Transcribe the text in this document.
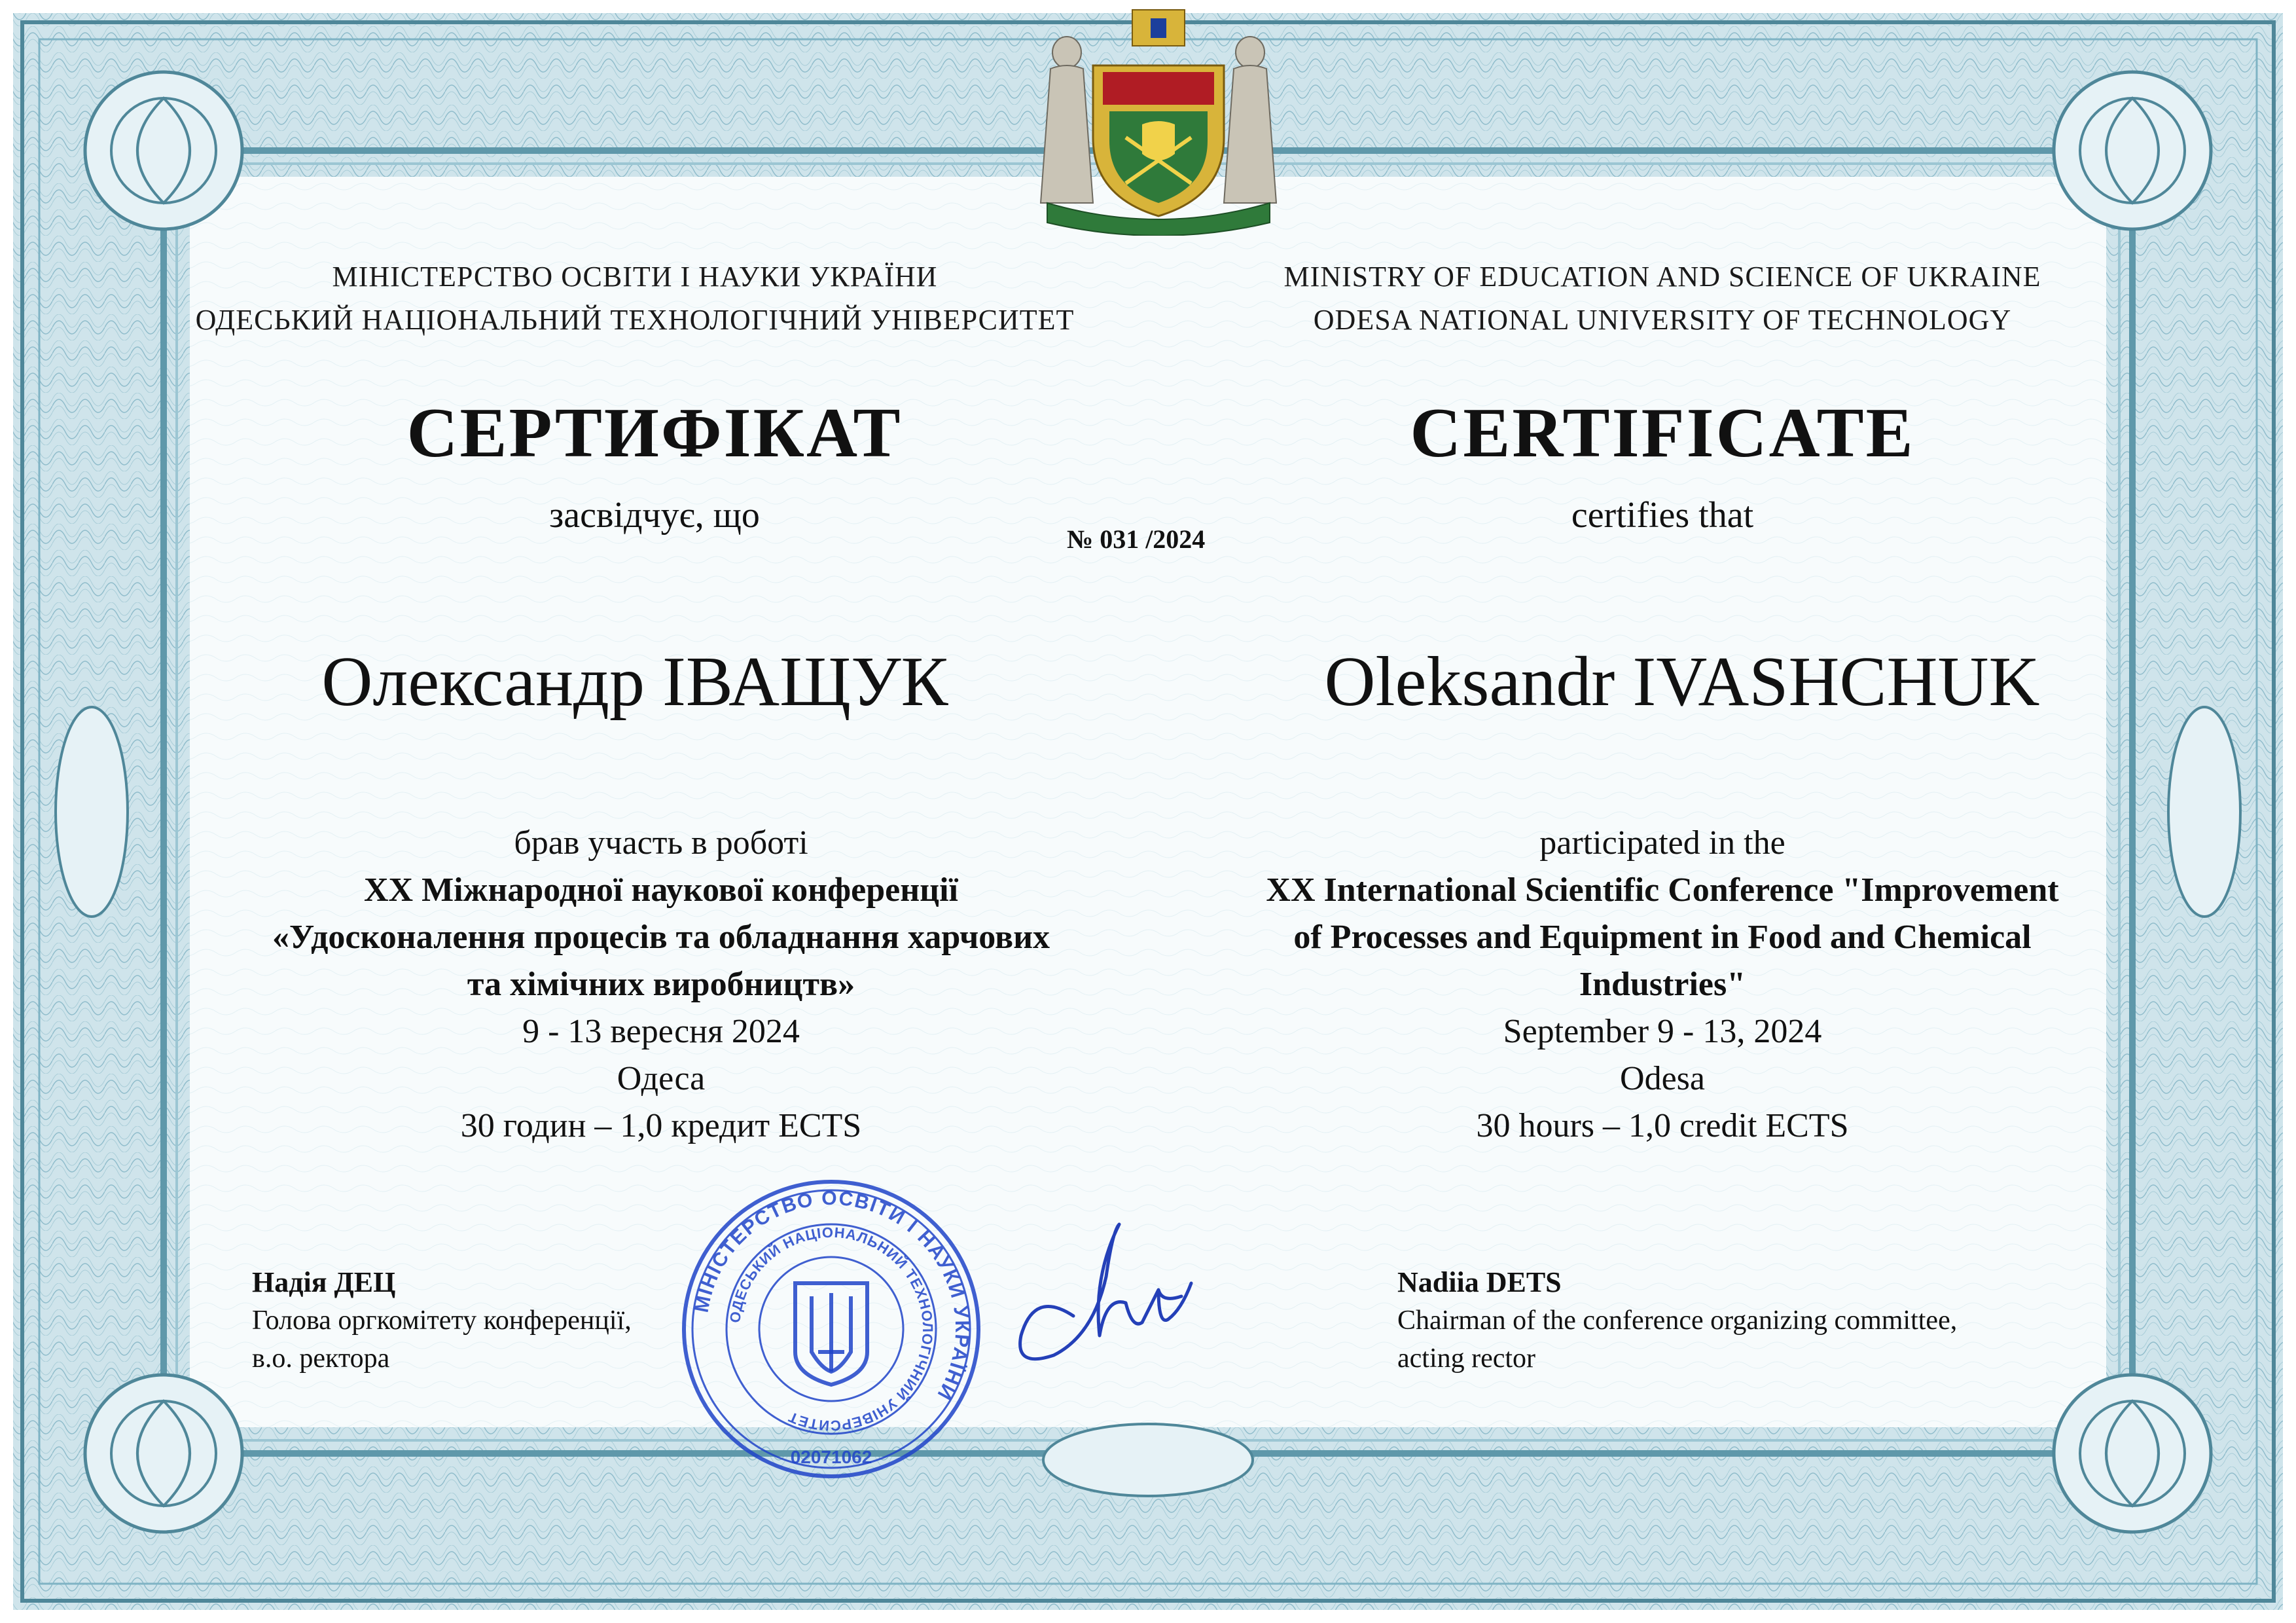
МІНІСТЕРСТВО ОСВІТИ І НАУКИ УКРАЇНИ
ОДЕСЬКИЙ НАЦІОНАЛЬНИЙ ТЕХНОЛОГІЧНИЙ УНІВЕРСИТЕТ
MINISTRY OF EDUCATION AND SCIENCE OF UKRAINE
ODESA NATIONAL UNIVERSITY OF TECHNOLOGY
СЕРТИФІКАТ	CERTIFICATE
засвідчує, що	certifies that
№ 031 /2024
Олександр ІВАЩУК	Oleksandr IVASHCHUK
брав участь в роботі
ХХ Міжнародної наукової конференції
«Удосконалення процесів та обладнання харчових
та хімічних виробництв»
9 - 13 вересня 2024
Одеса
30 годин – 1,0 кредит ECTS
participated in the
XX International Scientific Conference "Improvement
of Processes and Equipment in Food and Chemical
Industries"
September 9 - 13, 2024
Odesa
30 hours – 1,0 credit ECTS
Надія ДЕЦ
Голова оргкомітету конференції,
в.о. ректора
Nadiia DETS
Chairman of the conference organizing committee,
acting rector
МІНІСТЕРСТВО ОСВІТИ І НАУКИ УКРАЇНИ
ОДЕСЬКИЙ НАЦІОНАЛЬНИЙ ТЕХНОЛОГІЧНИЙ УНІВЕРСИТЕТ
02071062
